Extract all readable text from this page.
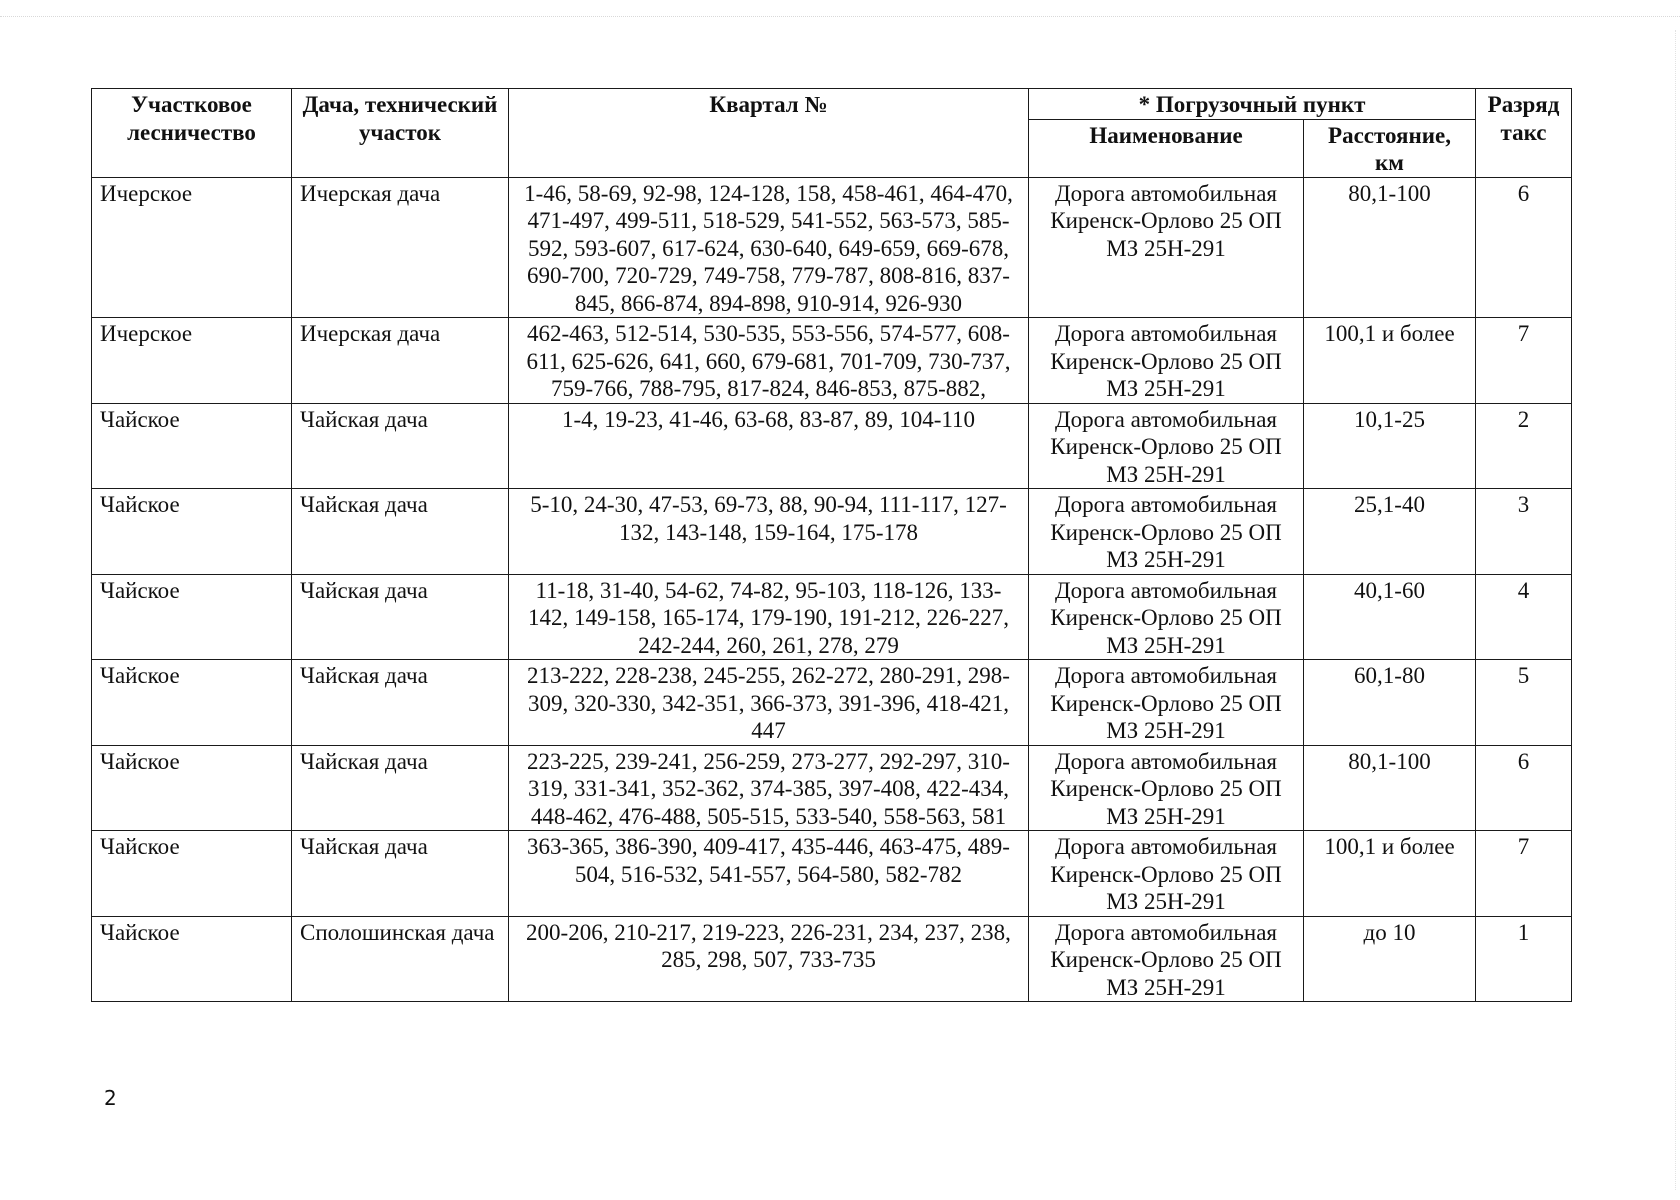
Участковое лесничество	Дача, технический участок	Квартал №	* Погрузочный пункт		Разряд такс
			Наименование	Расстояние, км	
Ичерское	Ичерская дача	1-46, 58-69, 92-98, 124-128, 158, 458-461, 464-470, 471-497, 499-511, 518-529, 541-552, 563-573, 585-592, 593-607, 617-624, 630-640, 649-659, 669-678, 690-700, 720-729, 749-758, 779-787, 808-816, 837-845, 866-874, 894-898, 910-914, 926-930	Дорога автомобильная Киренск-Орлово 25 ОП МЗ 25Н-291	80,1-100	6
Ичерское	Ичерская дача	462-463, 512-514, 530-535, 553-556, 574-577, 608-611, 625-626, 641, 660, 679-681, 701-709, 730-737, 759-766, 788-795, 817-824, 846-853, 875-882,	Дорога автомобильная Киренск-Орлово 25 ОП МЗ 25Н-291	100,1 и более	7
Чайское	Чайская дача	1-4, 19-23, 41-46, 63-68, 83-87, 89, 104-110	Дорога автомобильная Киренск-Орлово 25 ОП МЗ 25Н-291	10,1-25	2
Чайское	Чайская дача	5-10, 24-30, 47-53, 69-73, 88, 90-94, 111-117, 127-132, 143-148, 159-164, 175-178	Дорога автомобильная Киренск-Орлово 25 ОП МЗ 25Н-291	25,1-40	3
Чайское	Чайская дача	11-18, 31-40, 54-62, 74-82, 95-103, 118-126, 133-142, 149-158, 165-174, 179-190, 191-212, 226-227, 242-244, 260, 261, 278, 279	Дорога автомобильная Киренск-Орлово 25 ОП МЗ 25Н-291	40,1-60	4
Чайское	Чайская дача	213-222, 228-238, 245-255, 262-272, 280-291, 298-309, 320-330, 342-351, 366-373, 391-396, 418-421, 447	Дорога автомобильная Киренск-Орлово 25 ОП МЗ 25Н-291	60,1-80	5
Чайское	Чайская дача	223-225, 239-241, 256-259, 273-277, 292-297, 310-319, 331-341, 352-362, 374-385, 397-408, 422-434, 448-462, 476-488, 505-515, 533-540, 558-563, 581	Дорога автомобильная Киренск-Орлово 25 ОП МЗ 25Н-291	80,1-100	6
Чайское	Чайская дача	363-365, 386-390, 409-417, 435-446, 463-475, 489-504, 516-532, 541-557, 564-580, 582-782	Дорога автомобильная Киренск-Орлово 25 ОП МЗ 25Н-291	100,1 и более	7
Чайское	Сполошинская дача	200-206, 210-217, 219-223, 226-231, 234, 237, 238, 285, 298, 507, 733-735	Дорога автомобильная Киренск-Орлово 25 ОП МЗ 25Н-291	до 10	1
2
